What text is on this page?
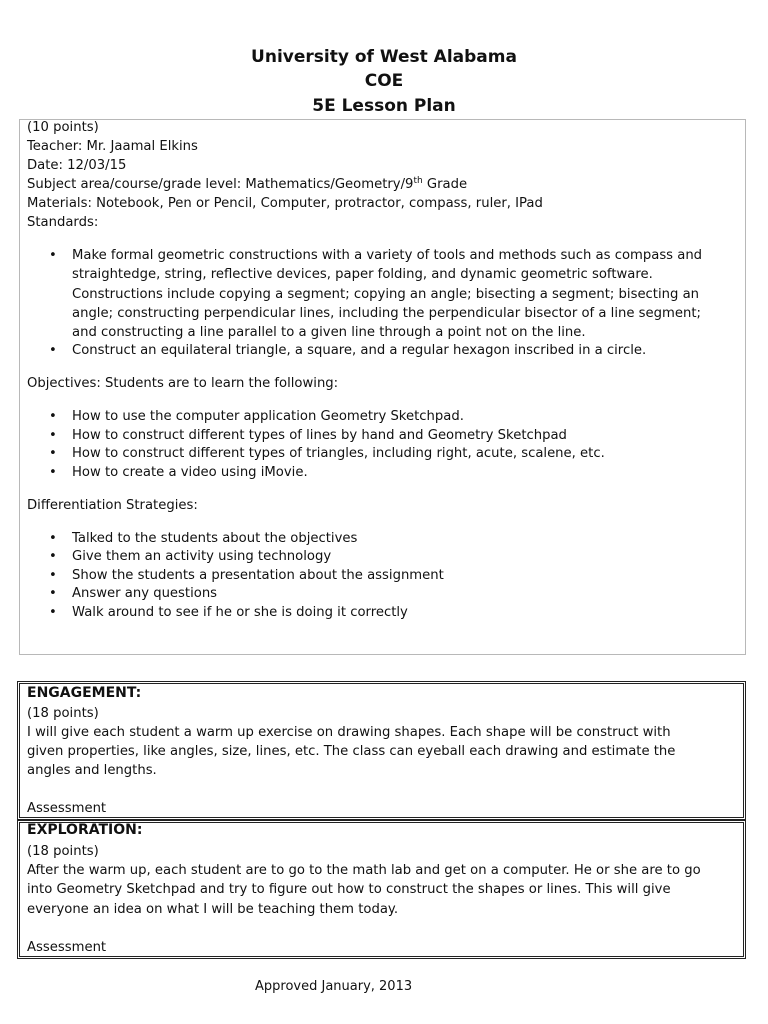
University of West Alabama
COE
5E Lesson Plan
(10 points)
Teacher: Mr. Jaamal Elkins
Date: 12/03/15
Subject area/course/grade level: Mathematics/Geometry/9th Grade
Materials: Notebook, Pen or Pencil, Computer, protractor, compass, ruler, IPad
Standards:
• Make formal geometric constructions with a variety of tools and methods such as compass and
straightedge, string, reflective devices, paper folding, and dynamic geometric software.
Constructions include copying a segment; copying an angle; bisecting a segment; bisecting an
angle; constructing perpendicular lines, including the perpendicular bisector of a line segment;
and constructing a line parallel to a given line through a point not on the line.
• Construct an equilateral triangle, a square, and a regular hexagon inscribed in a circle.
Objectives: Students are to learn the following:
• How to use the computer application Geometry Sketchpad.
• How to construct different types of lines by hand and Geometry Sketchpad
• How to construct different types of triangles, including right, acute, scalene, etc.
• How to create a video using iMovie.
Differentiation Strategies:
• Talked to the students about the objectives
• Give them an activity using technology
• Show the students a presentation about the assignment
• Answer any questions
• Walk around to see if he or she is doing it correctly
ENGAGEMENT:
(18 points)
I will give each student a warm up exercise on drawing shapes. Each shape will be construct with
given properties, like angles, size, lines, etc. The class can eyeball each drawing and estimate the
angles and lengths.
Assessment
EXPLORATION:
(18 points)
After the warm up, each student are to go to the math lab and get on a computer. He or she are to go
into Geometry Sketchpad and try to figure out how to construct the shapes or lines. This will give
everyone an idea on what I will be teaching them today.
Assessment
Approved January, 2013
